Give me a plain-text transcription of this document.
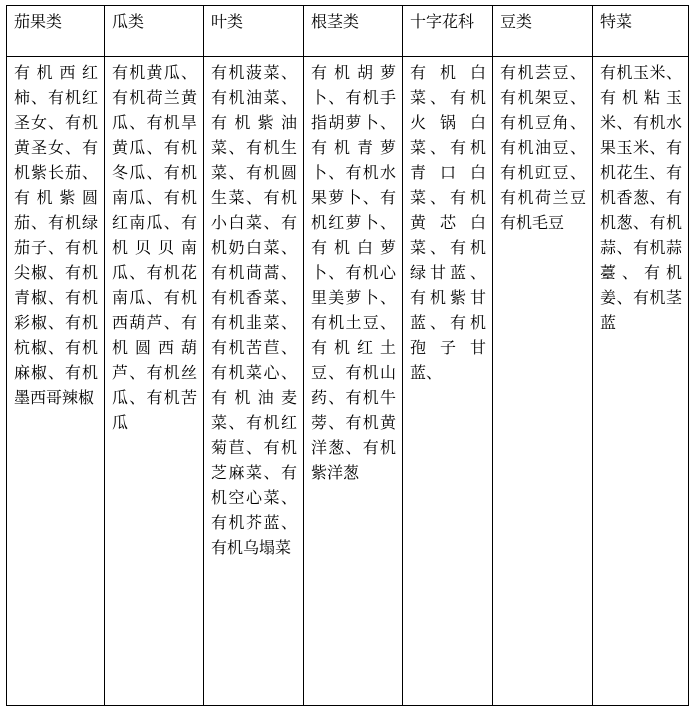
茄果类	瓜类	叶类	根茎类	十字花科	豆类	特菜
有机西红柿、有机红圣女、有机黄圣女、有机紫长茄、有机紫圆茄、有机绿茄子、有机尖椒、有机青椒、有机彩椒、有机杭椒、有机麻椒、有机墨西哥辣椒	有机黄瓜、有机荷兰黄瓜、有机旱黄瓜、有机冬瓜、有机南瓜、有机红南瓜、有机贝贝南瓜、有机花南瓜、有机西葫芦、有机圆西葫芦、有机丝瓜、有机苦瓜	有机菠菜、有机油菜、有机紫油菜、有机生菜、有机圆生菜、有机小白菜、有机奶白菜、有机茼蒿、有机香菜、有机韭菜、有机苦苣、有机菜心、有机油麦菜、有机红菊苣、有机芝麻菜、有机空心菜、有机芥蓝、有机乌塌菜	有机胡萝卜、有机手指胡萝卜、有机青萝卜、有机水果萝卜、有机红萝卜、有机白萝卜、有机心里美萝卜、有机土豆、有机红土豆、有机山药、有机牛蒡、有机黄洋葱、有机紫洋葱	有机白菜、有机火锅白菜、有机青口白菜、有机黄芯白菜、有机绿甘蓝、有机紫甘蓝、有机孢子甘蓝、	有机芸豆、有机架豆、有机豆角、有机油豆、有机豇豆、有机荷兰豆有机毛豆	有机玉米、有机粘玉米、有机水果玉米、有机花生、有机香葱、有机葱、有机蒜、有机蒜薹、有机姜、有机茎蓝
